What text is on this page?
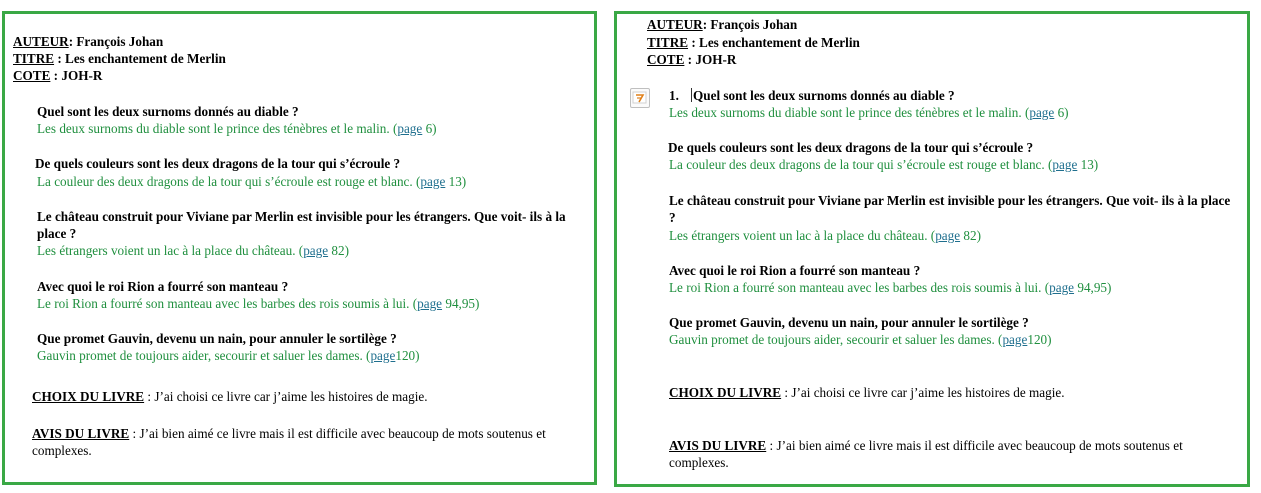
AUTEUR: François Johan
TITRE : Les enchantement de Merlin
COTE : JOH-R
Quel sont les deux surnoms donnés au diable ?
Les deux surnoms du diable sont le prince des ténèbres et le malin. (page 6)
De quels couleurs sont les deux dragons de la tour qui s’écroule ?
La couleur des deux dragons de la tour qui s’écroule est rouge et blanc. (page 13)
Le château construit pour Viviane par Merlin est invisible pour les étrangers. Que voit- ils à la place ?
Les étrangers voient un lac à la place du château. (page 82)
Avec quoi le roi Rion a fourré son manteau ?
Le roi Rion a fourré son manteau avec les barbes des rois soumis à lui. (page 94,95)
Que promet Gauvin, devenu un nain, pour annuler le sortilège ?
Gauvin promet de toujours aider, secourir et saluer les dames. (page120)
CHOIX DU LIVRE : J’ai choisi ce livre car j’aime les histoires de magie.
AVIS DU LIVRE : J’ai bien aimé ce livre mais il est difficile avec beaucoup de mots soutenus et complexes.
AUTEUR: François Johan
TITRE : Les enchantement de Merlin
COTE : JOH-R
1. Quel sont les deux surnoms donnés au diable ?
Les deux surnoms du diable sont le prince des ténèbres et le malin. (page 6)
De quels couleurs sont les deux dragons de la tour qui s’écroule ?
La couleur des deux dragons de la tour qui s’écroule est rouge et blanc. (page 13)
Le château construit pour Viviane par Merlin est invisible pour les étrangers. Que voit- ils à la place ?
Les étrangers voient un lac à la place du château. (page 82)
Avec quoi le roi Rion a fourré son manteau ?
Le roi Rion a fourré son manteau avec les barbes des rois soumis à lui. (page 94,95)
Que promet Gauvin, devenu un nain, pour annuler le sortilège ?
Gauvin promet de toujours aider, secourir et saluer les dames. (page120)
CHOIX DU LIVRE : J’ai choisi ce livre car j’aime les histoires de magie.
AVIS DU LIVRE : J’ai bien aimé ce livre mais il est difficile avec beaucoup de mots soutenus et complexes.
